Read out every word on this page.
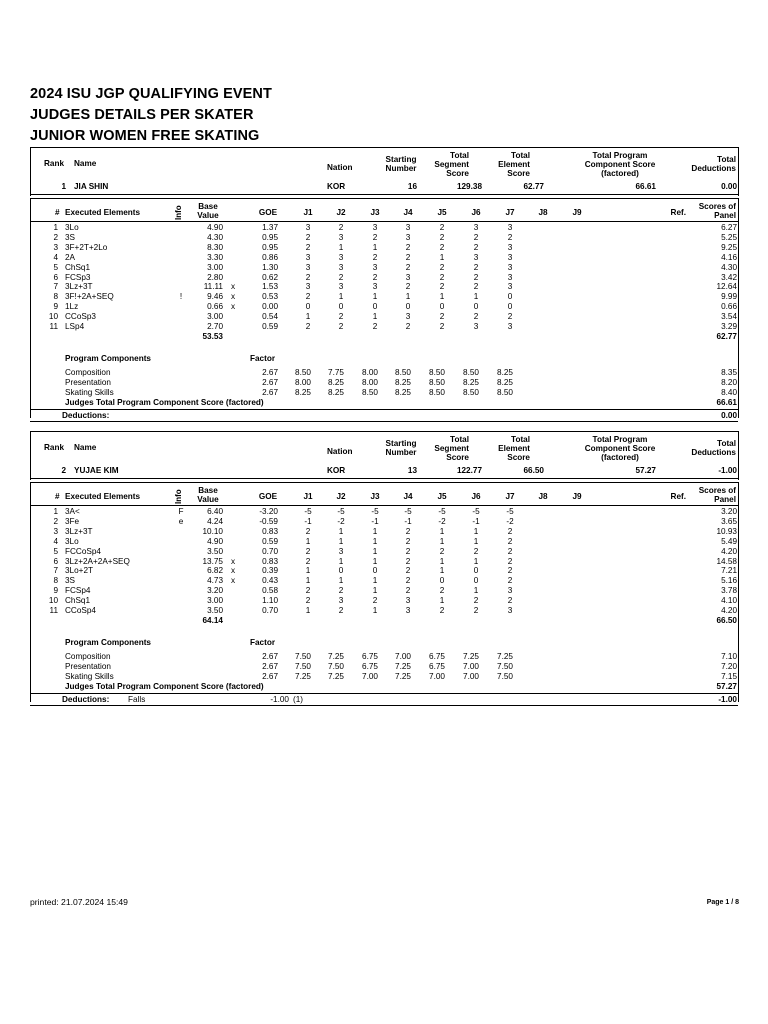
2024 ISU JGP QUALIFYING EVENT
JUDGES DETAILS PER SKATER
JUNIOR WOMEN FREE SKATING
Rank Name	Nation
Starting
Number
Total
Segment
Score
Total
Element
Score
Total Program
Component Score
(factored)
Total
Deductions
1 JIA SHIN	KOR	16	129.38	62.77	66.61	0.00
# Executed Elements	Info	Base
Value	GOE	J1	J2	J3	J4	J5	J6	J7	J8	J9	Ref.
Scores of
Panel
1 3Lo	4.90	1.37	3	2	3	3	2	3	3	6.27
2 3S	4.30	0.95	2	3	2	3	2	2	2	5.25
3 3F+2T+2Lo	8.30	0.95	2	1	1	2	2	2	3	9.25
4 2A	3.30	0.86	3	3	2	2	1	3	3	4.16
5 ChSq1	3.00	1.30	3	3	3	2	2	2	3	4.30
6 FCSp3	2.80	0.62	2	2	2	3	2	2	3	3.42
7 3Lz+3T	11.11 x	1.53	3	3	3	2	2	2	3	12.64
8 3F!+2A+SEQ	!	9.46 x	0.53	2	1	1	1	1	1	0	9.99
9 1Lz	0.66 x	0.00	0	0	0	0	0	0	0	0.66
10 CCoSp3	3.00	0.54	1	2	1	3	2	2	2	3.54
11 LSp4	2.70	0.59	2	2	2	2	2	3	3	3.29
53.53	62.77
Program Components	Factor
Composition	2.67	8.50	7.75	8.00	8.50	8.50	8.50	8.25	8.35
Presentation	2.67	8.00	8.25	8.00	8.25	8.50	8.25	8.25	8.20
Skating Skills	2.67	8.25	8.25	8.50	8.25	8.50	8.50	8.50	8.40
Judges Total Program Component Score (factored)	66.61
Deductions:	0.00
Rank Name	Nation
Starting
Number
Total
Segment
Score
Total
Element
Score
Total Program
Component Score
(factored)
Total
Deductions
2 YUJAE KIM	KOR	13	122.77	66.50	57.27	-1.00
# Executed Elements	Info	Base
Value	GOE	J1	J2	J3	J4	J5	J6	J7	J8	J9	Ref.
Scores of
Panel
1 3A<	F	6.40	-3.20	-5	-5	-5	-5	-5	-5	-5	3.20
2 3Fe	e	4.24	-0.59	-1	-2	-1	-1	-2	-1	-2	3.65
3 3Lz+3T	10.10	0.83	2	1	1	2	1	1	2	10.93
4 3Lo	4.90	0.59	1	1	1	2	1	1	2	5.49
5 FCCoSp4	3.50	0.70	2	3	1	2	2	2	2	4.20
6 3Lz+2A+2A+SEQ	13.75 x	0.83	2	1	1	2	1	1	2	14.58
7 3Lo+2T	6.82 x	0.39	1	0	0	2	1	0	2	7.21
8 3S	4.73 x	0.43	1	1	1	2	0	0	2	5.16
9 FCSp4	3.20	0.58	2	2	1	2	2	1	3	3.78
10 ChSq1	3.00	1.10	2	3	2	3	1	2	2	4.10
11 CCoSp4	3.50	0.70	1	2	1	3	2	2	3	4.20
64.14	66.50
Program Components	Factor
Composition	2.67	7.50	7.25	6.75	7.00	6.75	7.25	7.25	7.10
Presentation	2.67	7.50	7.50	6.75	7.25	6.75	7.00	7.50	7.20
Skating Skills	2.67	7.25	7.25	7.00	7.25	7.00	7.00	7.50	7.15
Judges Total Program Component Score (factored)	57.27
Deductions: Falls	-1.00 (1)	-1.00
printed: 21.07.2024 15:49	Page 1 / 8
